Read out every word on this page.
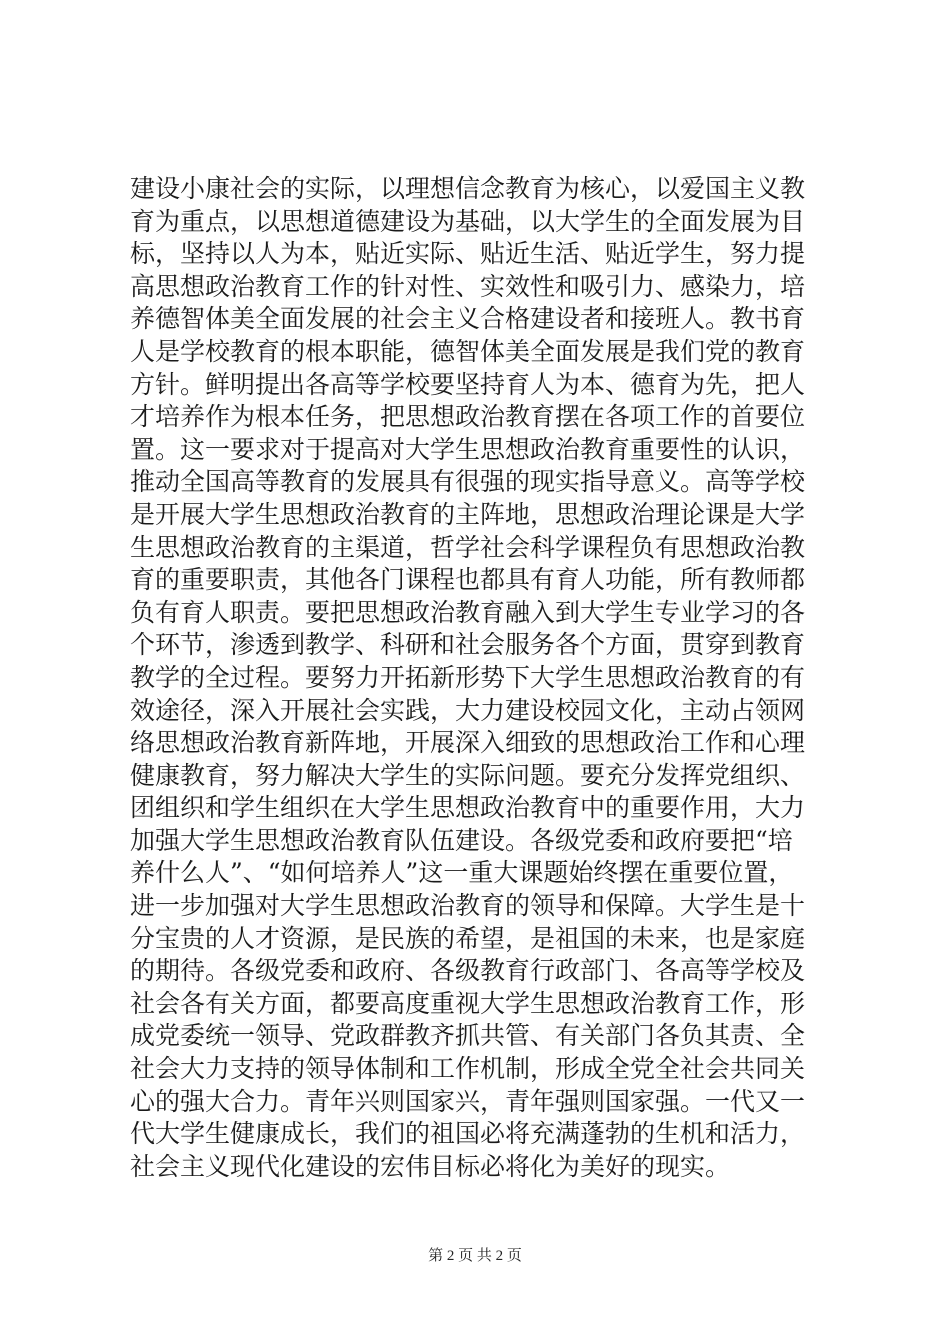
建设小康社会的实际，以理想信念教育为核心，以爱国主义教
育为重点，以思想道德建设为基础，以大学生的全面发展为目
标，坚持以人为本，贴近实际、贴近生活、贴近学生，努力提
高思想政治教育工作的针对性、实效性和吸引力、感染力，培
养德智体美全面发展的社会主义合格建设者和接班人。教书育
人是学校教育的根本职能，德智体美全面发展是我们党的教育
方针。鲜明提出各高等学校要坚持育人为本、德育为先，把人
才培养作为根本任务，把思想政治教育摆在各项工作的首要位
置。这一要求对于提高对大学生思想政治教育重要性的认识，
推动全国高等教育的发展具有很强的现实指导意义。高等学校
是开展大学生思想政治教育的主阵地，思想政治理论课是大学
生思想政治教育的主渠道，哲学社会科学课程负有思想政治教
育的重要职责，其他各门课程也都具有育人功能，所有教师都
负有育人职责。要把思想政治教育融入到大学生专业学习的各
个环节，渗透到教学、科研和社会服务各个方面，贯穿到教育
教学的全过程。要努力开拓新形势下大学生思想政治教育的有
效途径，深入开展社会实践，大力建设校园文化，主动占领网
络思想政治教育新阵地，开展深入细致的思想政治工作和心理
健康教育，努力解决大学生的实际问题。要充分发挥党组织、
团组织和学生组织在大学生思想政治教育中的重要作用，大力
加强大学生思想政治教育队伍建设。各级党委和政府要把“培
养什么人”、“如何培养人”这一重大课题始终摆在重要位置，
进一步加强对大学生思想政治教育的领导和保障。大学生是十
分宝贵的人才资源，是民族的希望，是祖国的未来，也是家庭
的期待。各级党委和政府、各级教育行政部门、各高等学校及
社会各有关方面，都要高度重视大学生思想政治教育工作，形
成党委统一领导、党政群教齐抓共管、有关部门各负其责、全
社会大力支持的领导体制和工作机制，形成全党全社会共同关
心的强大合力。青年兴则国家兴，青年强则国家强。一代又一
代大学生健康成长，我们的祖国必将充满蓬勃的生机和活力，
社会主义现代化建设的宏伟目标必将化为美好的现实。
第 2 页 共 2 页
